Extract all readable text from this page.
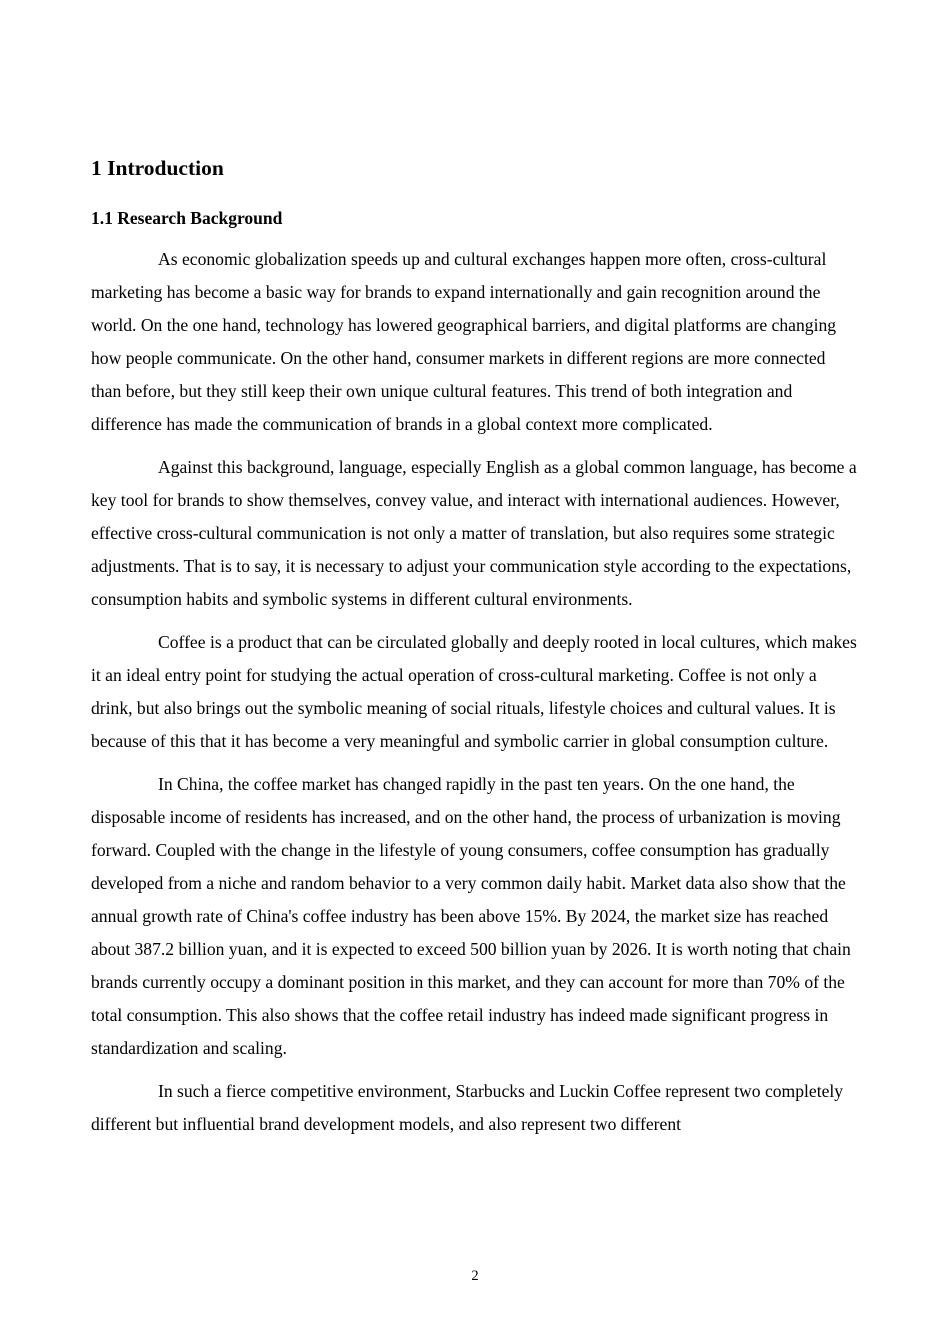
1 Introduction
1.1 Research Background

As economic globalization speeds up and cultural exchanges happen more often, cross-cultural marketing has become a basic way for brands to expand internationally and gain recognition around the world. On the one hand, technology has lowered geographical barriers, and digital platforms are changing how people communicate. On the other hand, consumer markets in different regions are more connected than before, but they still keep their own unique cultural features. This trend of both integration and difference has made the communication of brands in a global context more complicated.

Against this background, language, especially English as a global common language, has become a key tool for brands to show themselves, convey value, and interact with international audiences. However, effective cross-cultural communication is not only a matter of translation, but also requires some strategic adjustments. That is to say, it is necessary to adjust your communication style according to the expectations, consumption habits and symbolic systems in different cultural environments.

Coffee is a product that can be circulated globally and deeply rooted in local cultures, which makes it an ideal entry point for studying the actual operation of cross-cultural marketing. Coffee is not only a drink, but also brings out the symbolic meaning of social rituals, lifestyle choices and cultural values. It is because of this that it has become a very meaningful and symbolic carrier in global consumption culture.

In China, the coffee market has changed rapidly in the past ten years. On the one hand, the disposable income of residents has increased, and on the other hand, the process of urbanization is moving forward. Coupled with the change in the lifestyle of young consumers, coffee consumption has gradually developed from a niche and random behavior to a very common daily habit. Market data also show that the annual growth rate of China's coffee industry has been above 15%. By 2024, the market size has reached about 387.2 billion yuan, and it is expected to exceed 500 billion yuan by 2026. It is worth noting that chain brands currently occupy a dominant position in this market, and they can account for more than 70% of the total consumption. This also shows that the coffee retail industry has indeed made significant progress in standardization and scaling.

In such a fierce competitive environment, Starbucks and Luckin Coffee represent two completely different but influential brand development models, and also represent two different

2
